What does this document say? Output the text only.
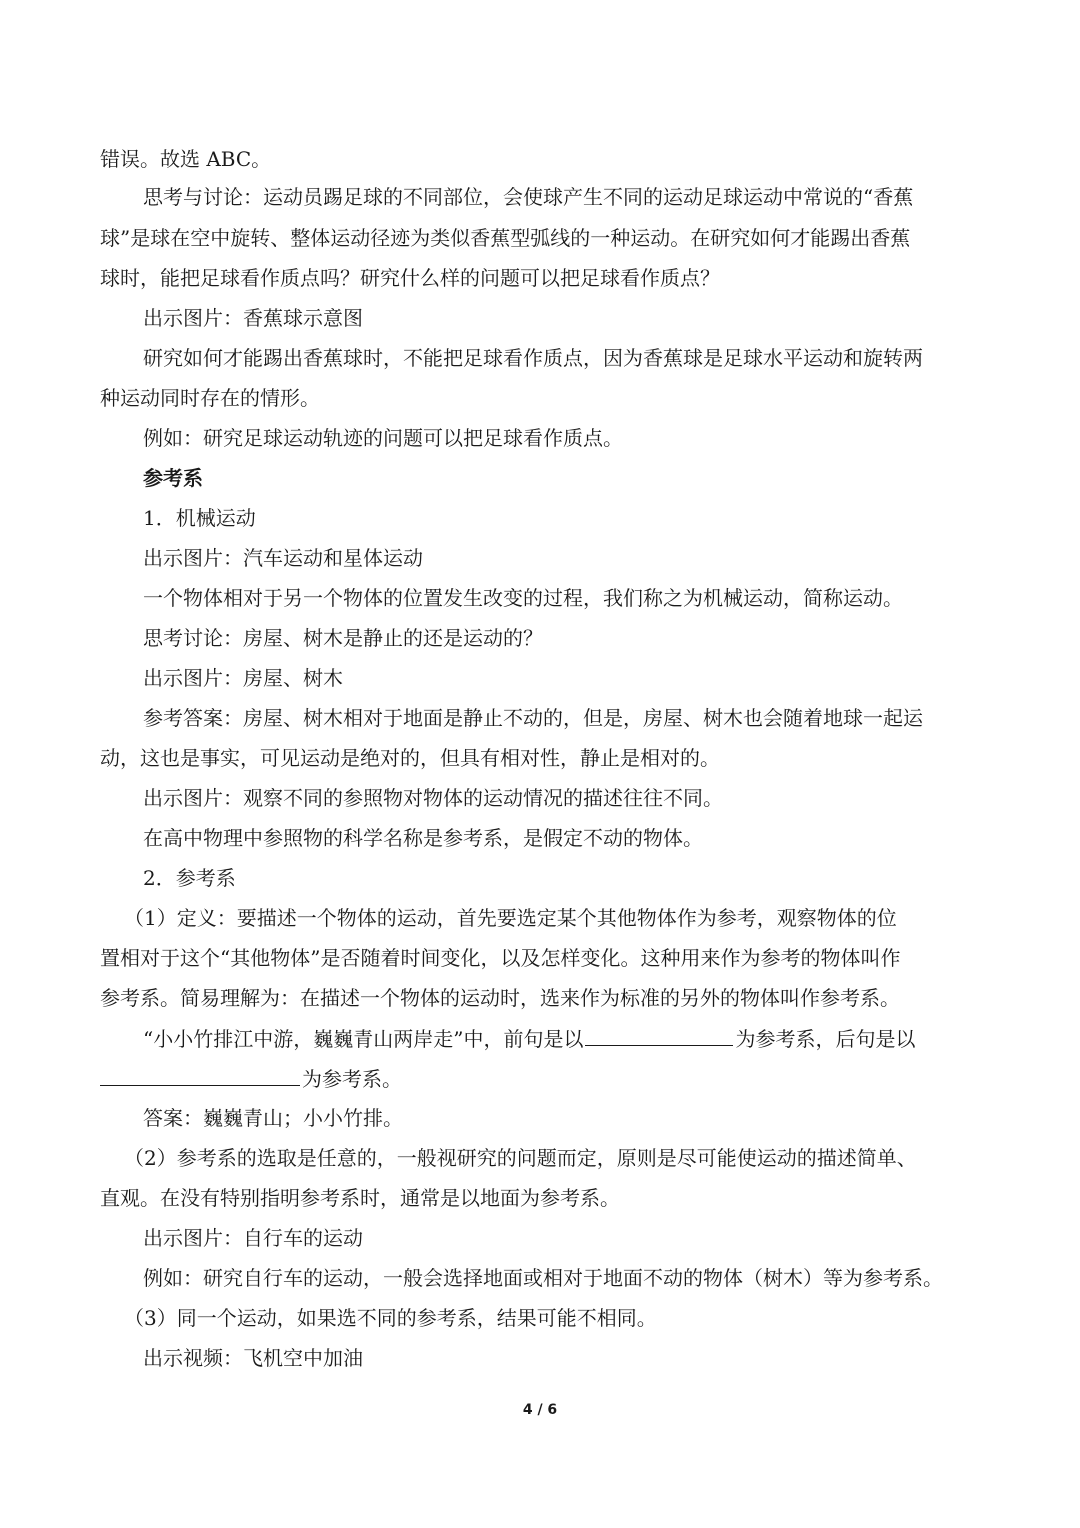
错误。故选 ABC。
思考与讨论：运动员踢足球的不同部位，会使球产生不同的运动足球运动中常说的“香蕉
球”是球在空中旋转、整体运动径迹为类似香蕉型弧线的一种运动。在研究如何才能踢出香蕉
球时，能把足球看作质点吗？研究什么样的问题可以把足球看作质点？
出示图片：香蕉球示意图
研究如何才能踢出香蕉球时，不能把足球看作质点，因为香蕉球是足球水平运动和旋转两
种运动同时存在的情形。
例如：研究足球运动轨迹的问题可以把足球看作质点。
参考系
1．机械运动
出示图片：汽车运动和星体运动
一个物体相对于另一个物体的位置发生改变的过程，我们称之为机械运动，简称运动。
思考讨论：房屋、树木是静止的还是运动的？
出示图片：房屋、树木
参考答案：房屋、树木相对于地面是静止不动的，但是，房屋、树木也会随着地球一起运
动，这也是事实，可见运动是绝对的，但具有相对性，静止是相对的。
出示图片：观察不同的参照物对物体的运动情况的描述往往不同。
在高中物理中参照物的科学名称是参考系，是假定不动的物体。
2．参考系
（1）定义：要描述一个物体的运动，首先要选定某个其他物体作为参考，观察物体的位
置相对于这个“其他物体”是否随着时间变化，以及怎样变化。这种用来作为参考的物体叫作
参考系。简易理解为：在描述一个物体的运动时，选来作为标准的另外的物体叫作参考系。
“小小竹排江中游，巍巍青山两岸走”中，前句是以	为参考系，后句是以
为参考系。
答案：巍巍青山；小小竹排。
（2）参考系的选取是任意的，一般视研究的问题而定，原则是尽可能使运动的描述简单、
直观。在没有特别指明参考系时，通常是以地面为参考系。
出示图片：自行车的运动
例如：研究自行车的运动，一般会选择地面或相对于地面不动的物体（树木）等为参考系。
（3）同一个运动，如果选不同的参考系，结果可能不相同。
出示视频：飞机空中加油
4 / 6
